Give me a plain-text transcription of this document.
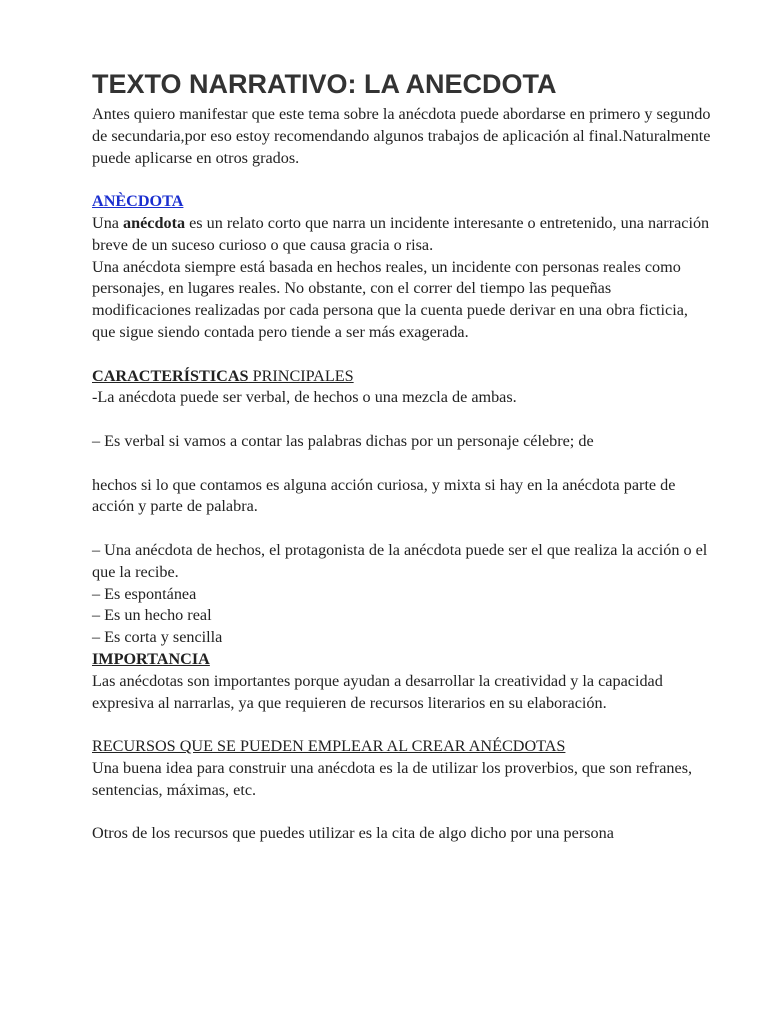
TEXTO NARRATIVO: LA ANECDOTA

Antes quiero manifestar que este tema sobre la anécdota puede abordarse en primero y segundo de secundaria,por eso estoy recomendando algunos trabajos de aplicación al final.Naturalmente puede aplicarse en otros grados.

ANÈCDOTA

Una anécdota es un relato corto que narra un incidente interesante o entretenido, una narración breve de un suceso curioso o que causa gracia o risa.

Una anécdota siempre está basada en hechos reales, un incidente con personas reales como personajes, en lugares reales. No obstante, con el correr del tiempo las pequeñas modificaciones realizadas por cada persona que la cuenta puede derivar en una obra ficticia, que sigue siendo contada pero tiende a ser más exagerada.

CARACTERÍSTICAS PRINCIPALES

-La anécdota puede ser verbal, de hechos o una mezcla de ambas.

– Es verbal si vamos a contar las palabras dichas por un personaje célebre; de

hechos si lo que contamos es alguna acción curiosa, y mixta si hay en la anécdota parte de acción y parte de palabra.

– Una anécdota de hechos, el protagonista de la anécdota puede ser el que realiza la acción o el que la recibe.

– Es espontánea

– Es un hecho real

– Es corta y sencilla

IMPORTANCIA

Las anécdotas son importantes porque ayudan a desarrollar la creatividad y la capacidad expresiva al narrarlas, ya que requieren de recursos literarios en su elaboración.

RECURSOS QUE SE PUEDEN EMPLEAR AL CREAR ANÉCDOTAS

Una buena idea para construir una anécdota es la de utilizar los proverbios, que son refranes, sentencias, máximas, etc.

Otros de los recursos que puedes utilizar es la cita de algo dicho por una persona
